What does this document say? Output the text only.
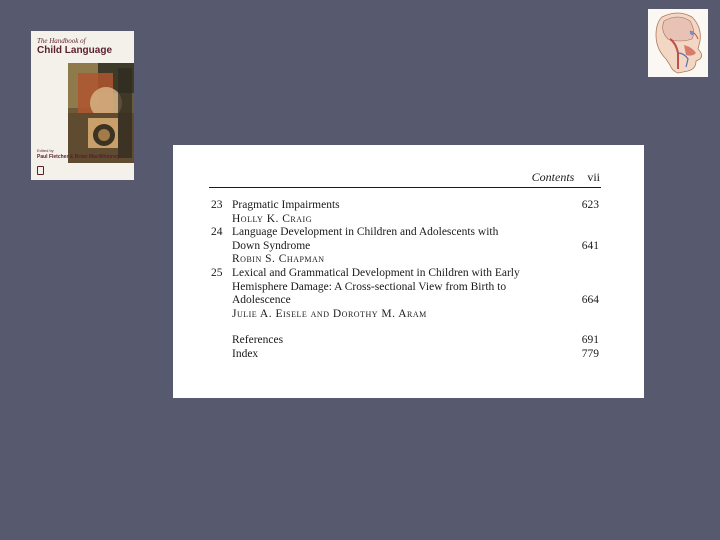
The Handbook of
Child Language
Edited by
Paul Fletcher & Brian MacWhinney
Contents vii
23 Pragmatic Impairments	623
Holly K. Craig
24 Language Development in Children and Adolescents with
Down Syndrome	641
Robin S. Chapman
25 Lexical and Grammatical Development in Children with Early
Hemisphere Damage: A Cross-sectional View from Birth to
Adolescence	664
Julie A. Eisele and Dorothy M. Aram
References	691
Index	779
